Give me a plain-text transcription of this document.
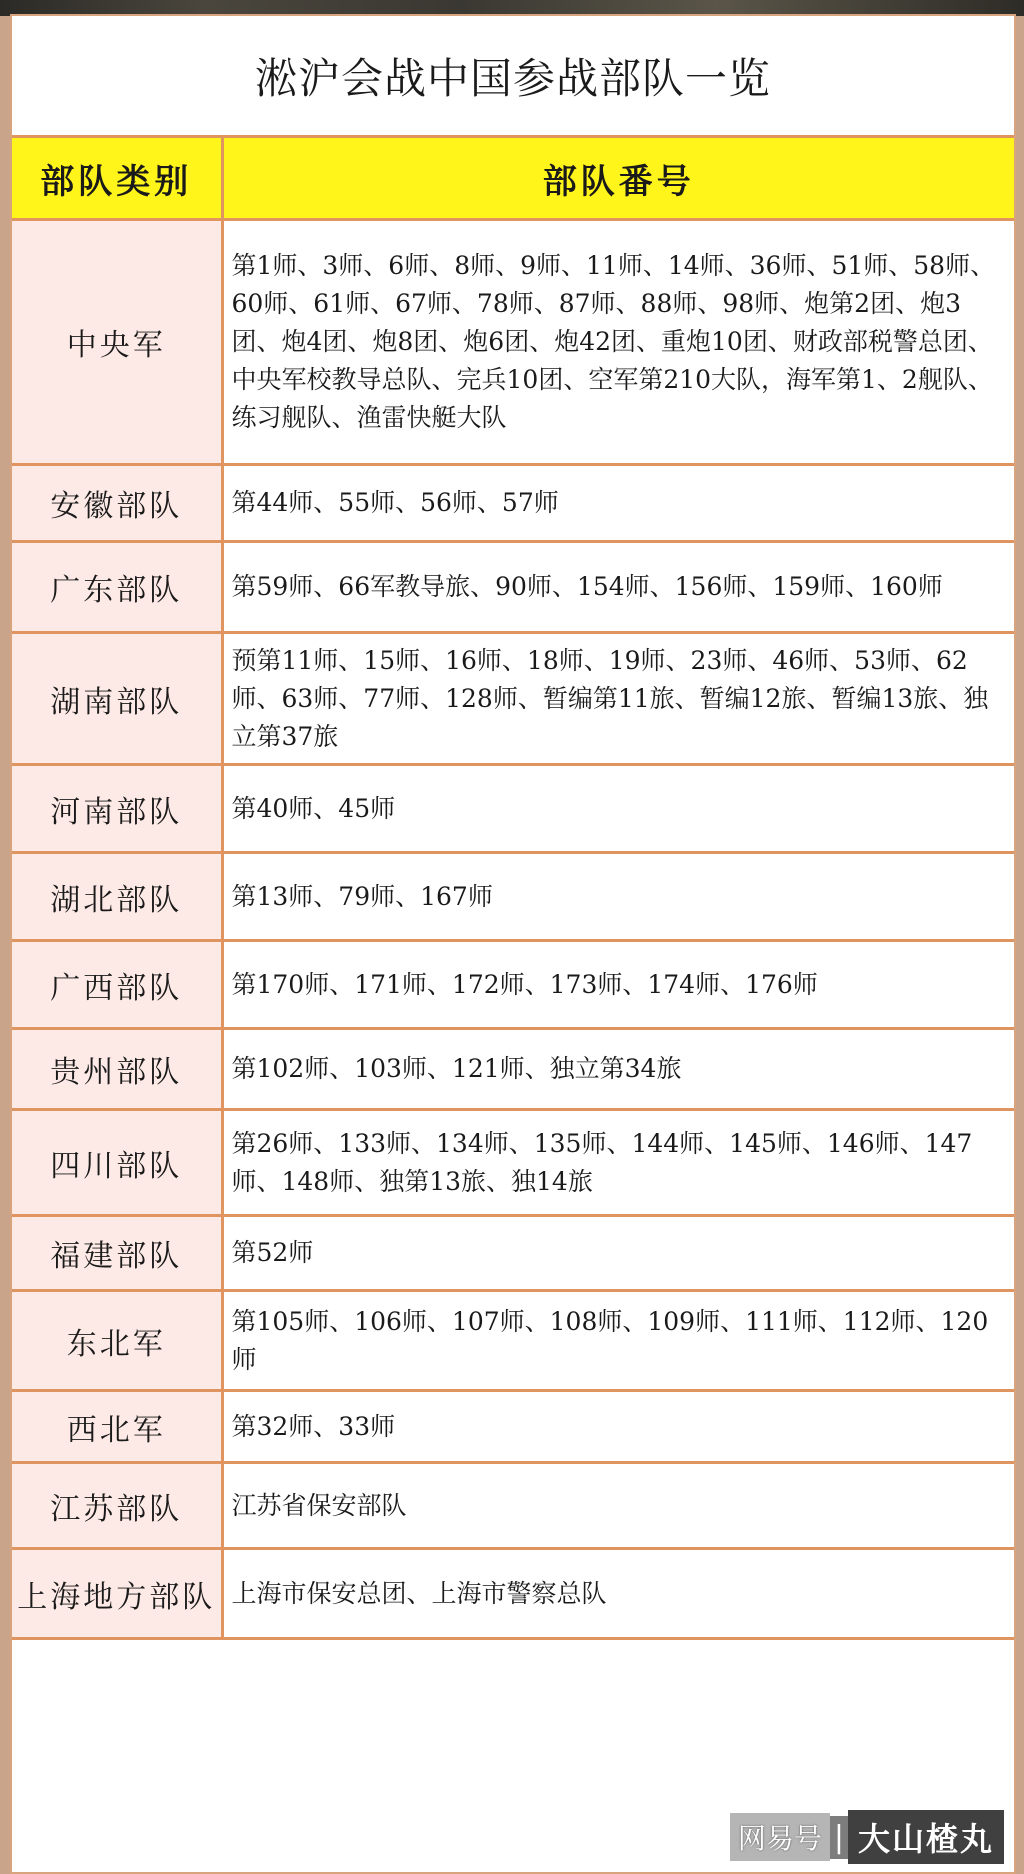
淞沪会战中国参战部队一览
部队类别	部队番号
中央军	第1师、3师、6师、8师、9师、11师、14师、36师、51师、58师、60师、61师、67师、78师、87师、88师、98师、炮第2团、炮3团、炮4团、炮8团、炮6团、炮42团、重炮10团、财政部税警总团、中央军校教导总队、完兵10团、空军第210大队，海军第1、2舰队、练习舰队、渔雷快艇大队
安徽部队	第44师、55师、56师、57师
广东部队	第59师、66军教导旅、90师、154师、156师、159师、160师
湖南部队	预第11师、15师、16师、18师、19师、23师、46师、53师、62师、63师、77师、128师、暂编第11旅、暂编12旅、暂编13旅、独立第37旅
河南部队	第40师、45师
湖北部队	第13师、79师、167师
广西部队	第170师、171师、172师、173师、174师、176师
贵州部队	第102师、103师、121师、独立第34旅
四川部队	第26师、133师、134师、135师、144师、145师、146师、147师、148师、独第13旅、独14旅
福建部队	第52师
东北军	第105师、106师、107师、108师、109师、111师、112师、120师
西北军	第32师、33师
江苏部队	江苏省保安部队
上海地方部队	上海市保安总团、上海市警察总队
网易号 | 大山楂丸
